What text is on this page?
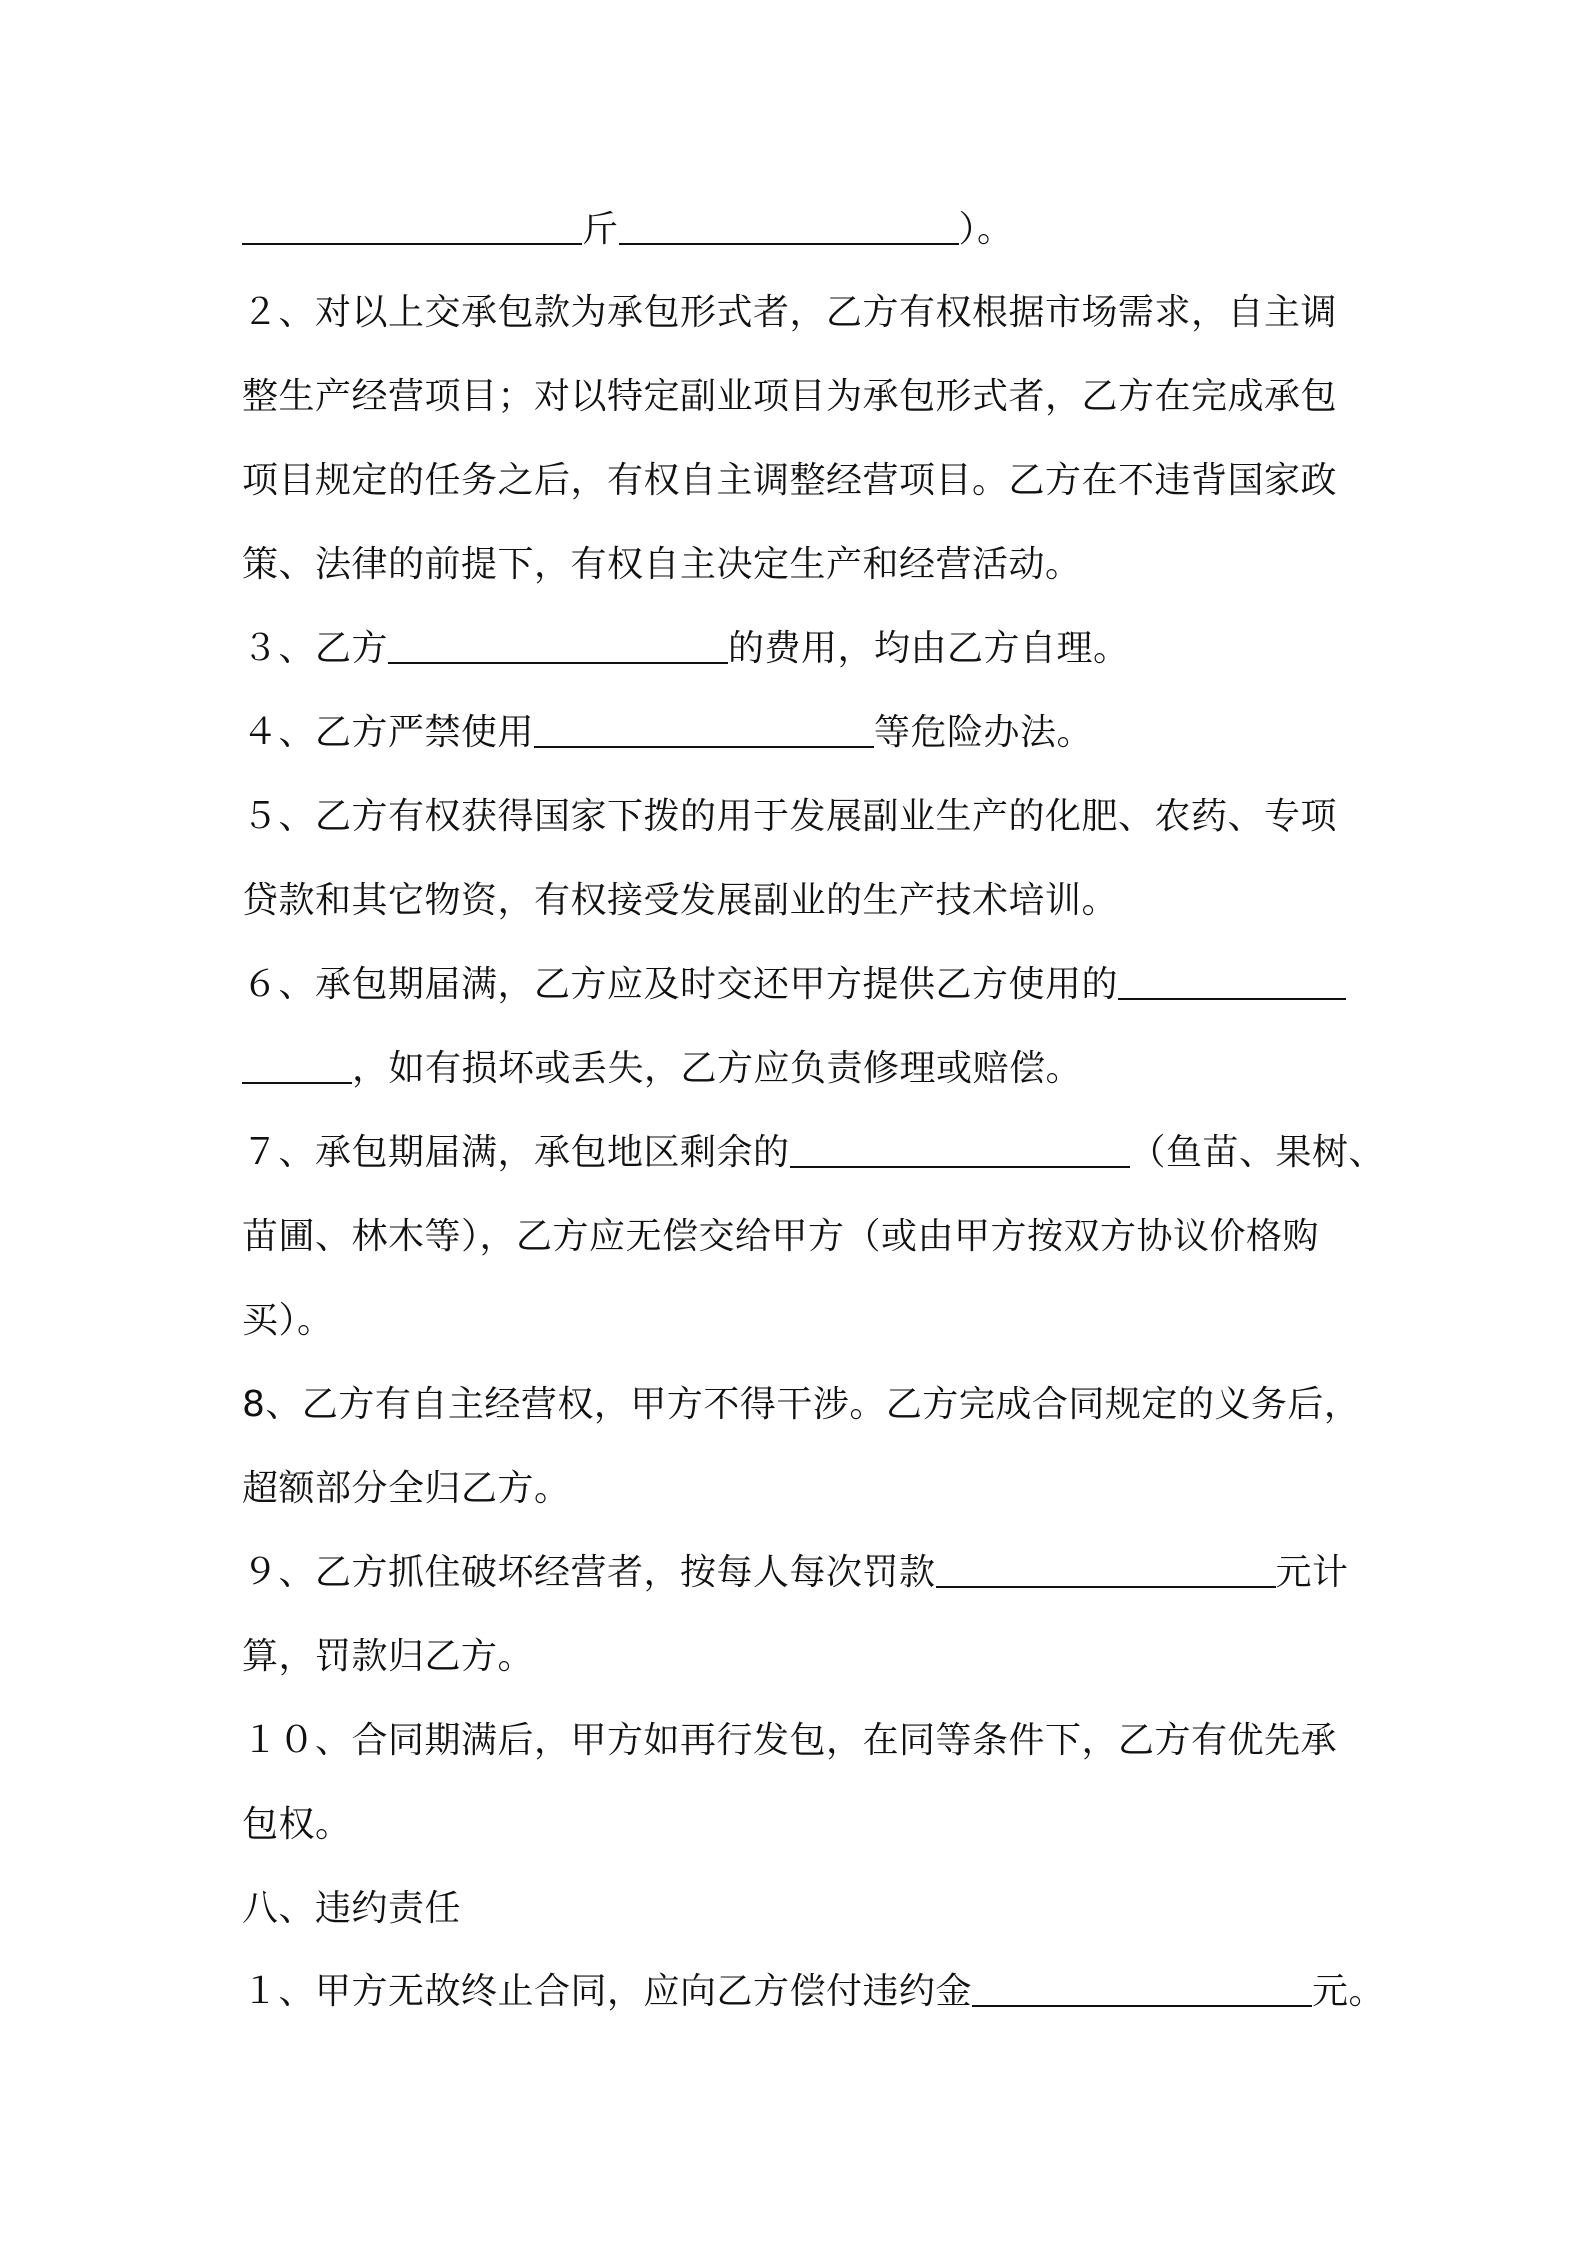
斤	）。
２、对以上交承包款为承包形式者，乙方有权根据市场需求，自主调
整生产经营项目；对以特定副业项目为承包形式者，乙方在完成承包
项目规定的任务之后，有权自主调整经营项目。乙方在不违背国家政
策、法律的前提下，有权自主决定生产和经营活动。
３、乙方	的费用，均由乙方自理。
４、乙方严禁使用	等危险办法。
５、乙方有权获得国家下拨的用于发展副业生产的化肥、农药、专项
贷款和其它物资，有权接受发展副业的生产技术培训。
６、承包期届满，乙方应及时交还甲方提供乙方使用的
，如有损坏或丢失，乙方应负责修理或赔偿。
７、承包期届满，承包地区剩余的	（鱼苗、果树、
苗圃、林木等），乙方应无偿交给甲方（或由甲方按双方协议价格购
买）。
8、乙方有自主经营权，甲方不得干涉。乙方完成合同规定的义务后，
超额部分全归乙方。
９、乙方抓住破坏经营者，按每人每次罚款	元计
算，罚款归乙方。
１０、合同期满后，甲方如再行发包，在同等条件下，乙方有优先承
包权。
八、违约责任
１、甲方无故终止合同，应向乙方偿付违约金	元。
